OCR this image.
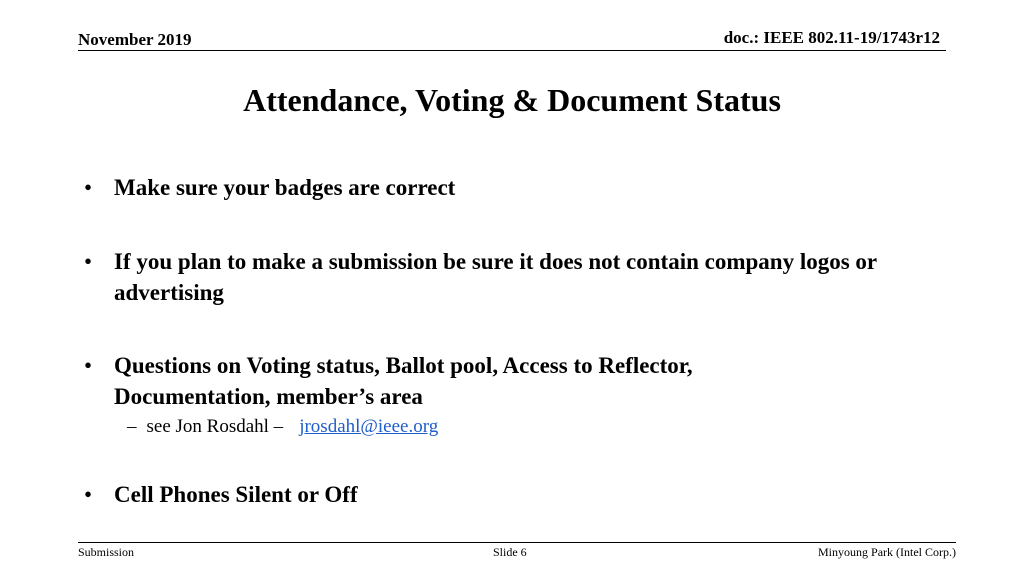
November 2019	doc.: IEEE 802.11-19/1743r12
Attendance, Voting & Document Status
• Make sure your badges are correct
• If you plan to make a submission be sure it does not contain company logos or advertising
• Questions on Voting status, Ballot pool, Access to Reflector, Documentation, member’s area
– see Jon Rosdahl – jrosdahl@ieee.org
• Cell Phones Silent or Off
Submission	Slide 6	Minyoung Park (Intel Corp.)
